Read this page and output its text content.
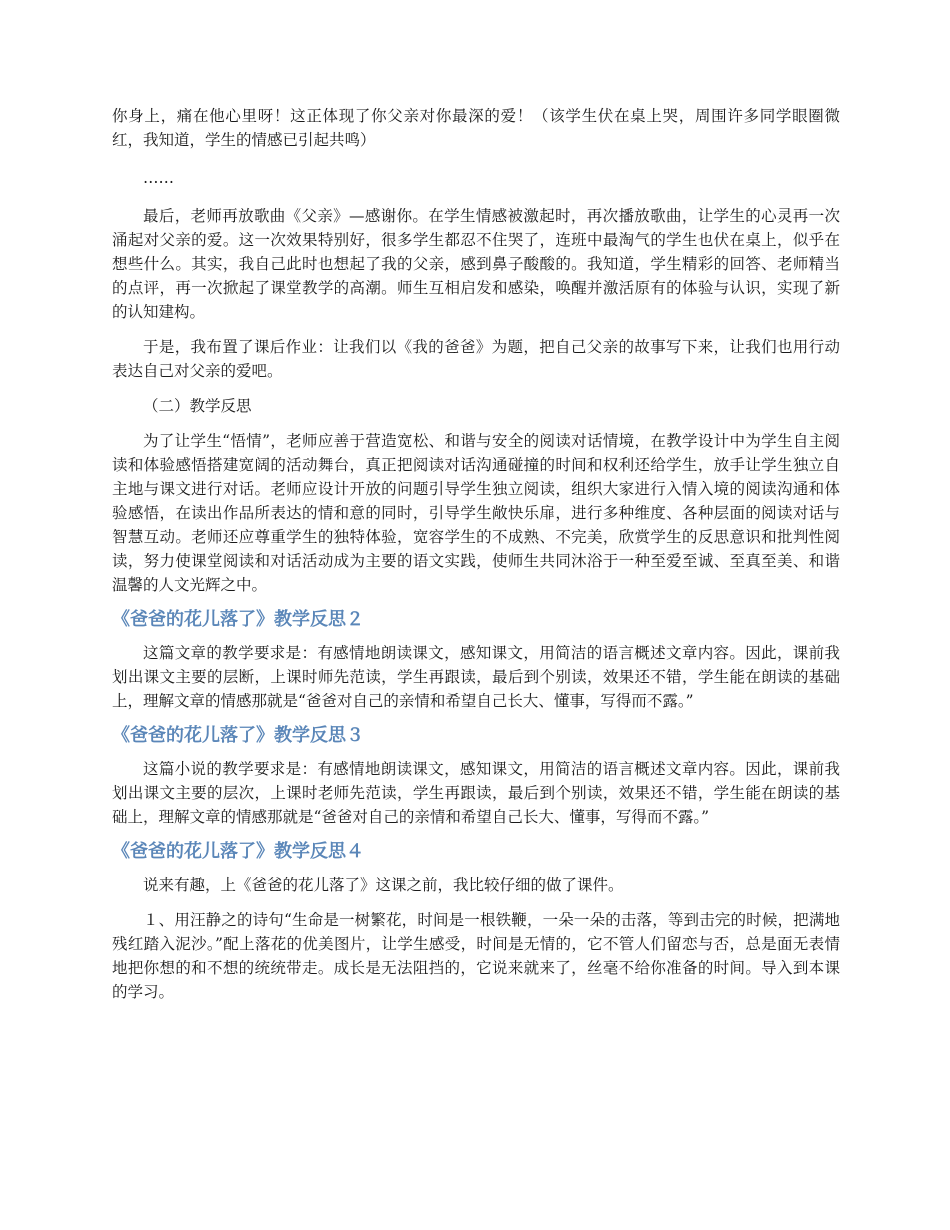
你身上，痛在他心里呀！这正体现了你父亲对你最深的爱！（该学生伏在桌上哭，周围许多同学眼圈微红，我知道，学生的情感已引起共鸣）

……

最后，老师再放歌曲《父亲》—感谢你。在学生情感被激起时，再次播放歌曲，让学生的心灵再一次涌起对父亲的爱。这一次效果特别好，很多学生都忍不住哭了，连班中最淘气的学生也伏在桌上，似乎在想些什么。其实，我自己此时也想起了我的父亲，感到鼻子酸酸的。我知道，学生精彩的回答、老师精当的点评，再一次掀起了课堂教学的高潮。师生互相启发和感染，唤醒并激活原有的体验与认识，实现了新的认知建构。

于是，我布置了课后作业：让我们以《我的爸爸》为题，把自己父亲的故事写下来，让我们也用行动表达自己对父亲的爱吧。

（二）教学反思

为了让学生“悟情”，老师应善于营造宽松、和谐与安全的阅读对话情境，在教学设计中为学生自主阅读和体验感悟搭建宽阔的活动舞台，真正把阅读对话沟通碰撞的时间和权利还给学生，放手让学生独立自主地与课文进行对话。老师应设计开放的问题引导学生独立阅读，组织大家进行入情入境的阅读沟通和体验感悟，在读出作品所表达的情和意的同时，引导学生敞快乐扉，进行多种维度、各种层面的阅读对话与智慧互动。老师还应尊重学生的独特体验，宽容学生的不成熟、不完美，欣赏学生的反思意识和批判性阅读，努力使课堂阅读和对话活动成为主要的语文实践，使师生共同沐浴于一种至爱至诚、至真至美、和谐温馨的人文光辉之中。

《爸爸的花儿落了》教学反思２

这篇文章的教学要求是：有感情地朗读课文，感知课文，用简洁的语言概述文章内容。因此，课前我划出课文主要的层断，上课时师先范读，学生再跟读，最后到个别读，效果还不错，学生能在朗读的基础上，理解文章的情感那就是“爸爸对自己的亲情和希望自己长大、懂事，写得而不露。”

《爸爸的花儿落了》教学反思３

这篇小说的教学要求是：有感情地朗读课文，感知课文，用简洁的语言概述文章内容。因此，课前我划出课文主要的层次，上课时老师先范读，学生再跟读，最后到个别读，效果还不错，学生能在朗读的基础上，理解文章的情感那就是“爸爸对自己的亲情和希望自己长大、懂事，写得而不露。”

《爸爸的花儿落了》教学反思４

说来有趣，上《爸爸的花儿落了》这课之前，我比较仔细的做了课件。

１、用汪静之的诗句“生命是一树繁花，时间是一根铁鞭，一朵一朵的击落，等到击完的时候，把满地残红踏入泥沙。”配上落花的优美图片，让学生感受，时间是无情的，它不管人们留恋与否，总是面无表情地把你想的和不想的统统带走。成长是无法阻挡的，它说来就来了，丝毫不给你准备的时间。导入到本课的学习。
